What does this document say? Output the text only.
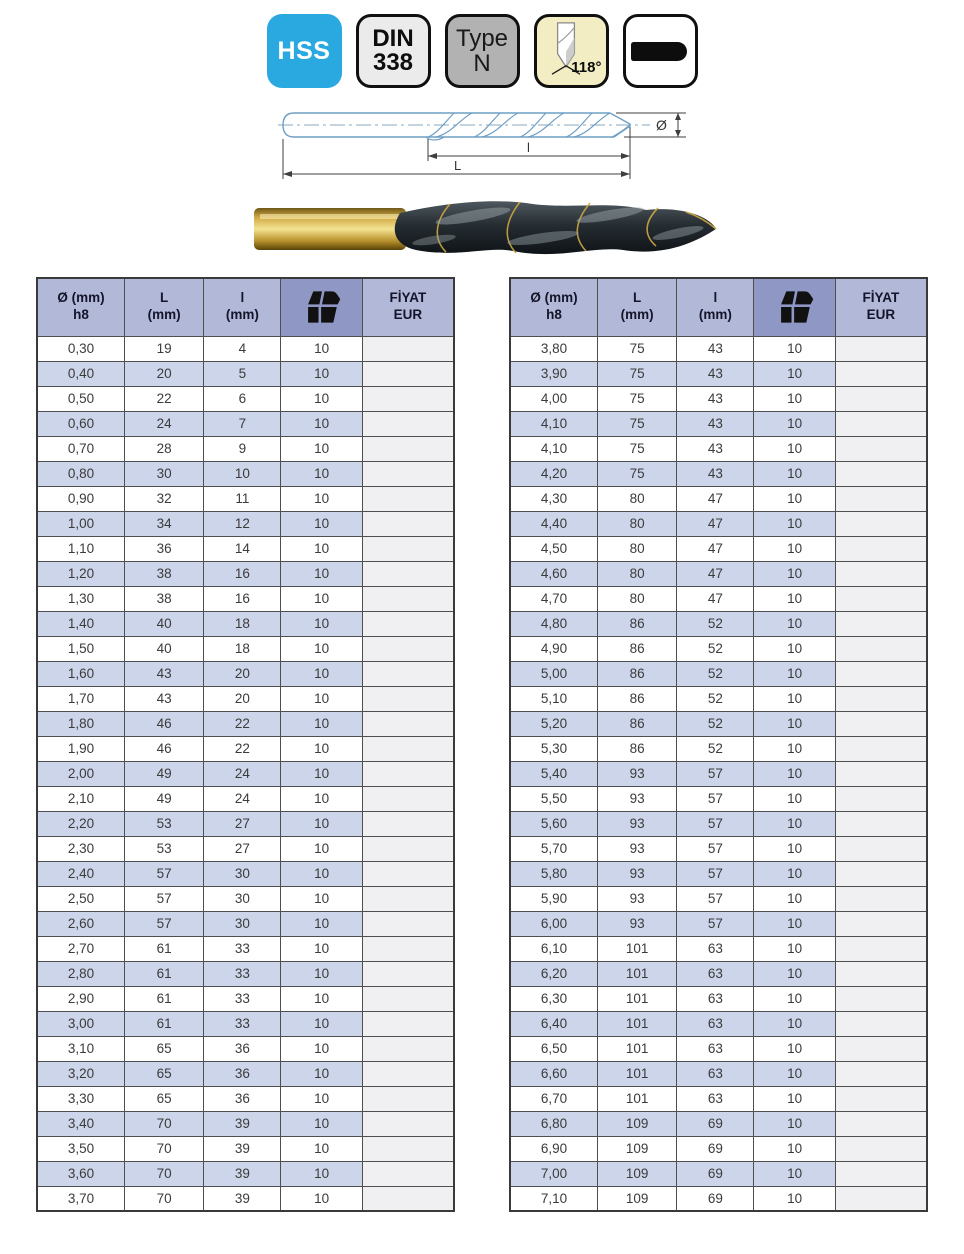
HSS DIN
338
Type
N	118°
Ø
l
L
Ø (mm)
h8

L
(mm)

l
(mm)

FİYAT
EUR

0,30	19	4	10	
0,40	20	5	10	
0,50	22	6	10	
0,60	24	7	10	
0,70	28	9	10	
0,80	30	10	10	
0,90	32	11	10	
1,00	34	12	10	
1,10	36	14	10	
1,20	38	16	10	
1,30	38	16	10	
1,40	40	18	10	
1,50	40	18	10	
1,60	43	20	10	
1,70	43	20	10	
1,80	46	22	10	
1,90	46	22	10	
2,00	49	24	10	
2,10	49	24	10	
2,20	53	27	10	
2,30	53	27	10	
2,40	57	30	10	
2,50	57	30	10	
2,60	57	30	10	
2,70	61	33	10	
2,80	61	33	10	
2,90	61	33	10	
3,00	61	33	10	
3,10	65	36	10	
3,20	65	36	10	
3,30	65	36	10	
3,40	70	39	10	
3,50	70	39	10	
3,60	70	39	10	
3,70	70	39	10	
Ø (mm)
h8

L
(mm)

l
(mm)

FİYAT
EUR

3,80	75	43	10	
3,90	75	43	10	
4,00	75	43	10	
4,10	75	43	10	
4,10	75	43	10	
4,20	75	43	10	
4,30	80	47	10	
4,40	80	47	10	
4,50	80	47	10	
4,60	80	47	10	
4,70	80	47	10	
4,80	86	52	10	
4,90	86	52	10	
5,00	86	52	10	
5,10	86	52	10	
5,20	86	52	10	
5,30	86	52	10	
5,40	93	57	10	
5,50	93	57	10	
5,60	93	57	10	
5,70	93	57	10	
5,80	93	57	10	
5,90	93	57	10	
6,00	93	57	10	
6,10	101	63	10	
6,20	101	63	10	
6,30	101	63	10	
6,40	101	63	10	
6,50	101	63	10	
6,60	101	63	10	
6,70	101	63	10	
6,80	109	69	10	
6,90	109	69	10	
7,00	109	69	10	
7,10	109	69	10	
